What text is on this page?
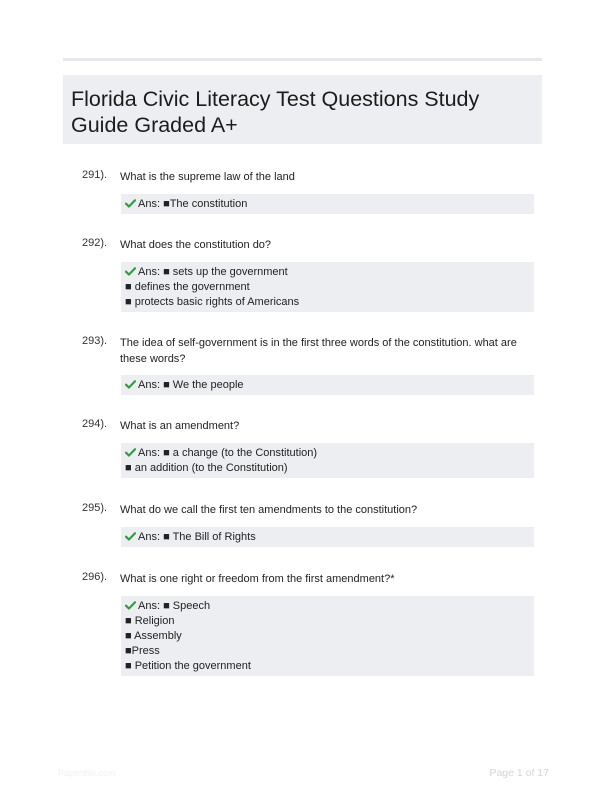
Florida Civic Literacy Test Questions Study Guide Graded A+
291). What is the supreme law of the land
Ans: ■The constitution
292). What does the constitution do?
Ans: ■ sets up the government
■ defines the government
■ protects basic rights of Americans
293). The idea of self-government is in the first three words of the constitution. what are these words?
Ans: ■ We the people
294). What is an amendment?
Ans: ■ a change (to the Constitution)
■ an addition (to the Constitution)
295). What do we call the first ten amendments to the constitution?
Ans: ■ The Bill of Rights
296). What is one right or freedom from the first amendment?*
Ans: ■ Speech
■ Religion
■ Assembly
■Press
■ Petition the government
Papertfile.com	Page 1 of 17
